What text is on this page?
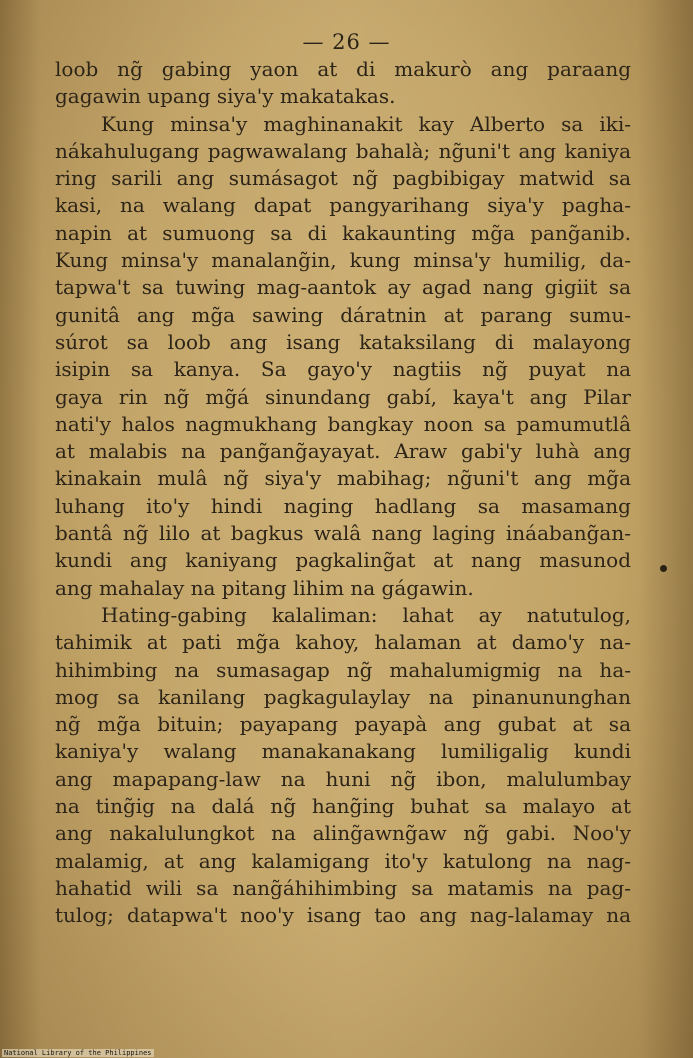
— 26 —
loob ng̃ gabing yaon at di makurò ang paraang
gagawin upang siya'y makatakas.
Kung minsa'y maghinanakit kay Alberto sa iki-
nákahulugang pagwawalang bahalà; ng̃uni't ang kaniya
ring sarili ang sumásagot ng̃ pagbibigay matwid sa
kasi, na walang dapat pangyarihang siya'y pagha-
napin at sumuong sa di kakaunting mg̃a pang̃anib.
Kung minsa'y manalang̃in, kung minsa'y humilig, da-
tapwa't sa tuwing mag-aantok ay agad nang gigiit sa
gunitâ ang mg̃a sawing dáratnin at parang sumu-
súrot sa loob ang isang kataksilang di malayong
isipin sa kanya. Sa gayo'y nagtiis ng̃ puyat na
gaya rin ng̃ mg̃á sinundang gabí, kaya't ang Pilar
nati'y halos nagmukhang bangkay noon sa pamumutlâ
at malabis na pang̃ang̃ayayat. Araw gabi'y luhà ang
kinakain mulâ ng̃ siya'y mabihag; ng̃uni't ang mg̃a
luhang ito'y hindi naging hadlang sa masamang
bantâ ng̃ lilo at bagkus walâ nang laging ináabang̃an-
kundi ang kaniyang pagkaling̃at at nang masunod
ang mahalay na pitang lihim na gágawin.
Hating-gabing kalaliman: lahat ay natutulog,
tahimik at pati mg̃a kahoy, halaman at damo'y na-
hihimbing na sumasagap ng̃ mahalumigmig na ha-
mog sa kanilang pagkagulaylay na pinanununghan
ng̃ mg̃a bituin; payapang payapà ang gubat at sa
kaniya'y walang manakanakang lumiligalig kundi
ang mapapang-law na huni ng̃ ibon, malulumbay
na ting̃ig na dalá ng̃ hang̃ing buhat sa malayo at
ang nakalulungkot na aling̃awng̃aw ng̃ gabi. Noo'y
malamig, at ang kalamigang ito'y katulong na nag-
hahatid wili sa nang̃áhihimbing sa matamis na pag-
tulog; datapwa't noo'y isang tao ang nag-lalamay na
National Library of the Philippines
